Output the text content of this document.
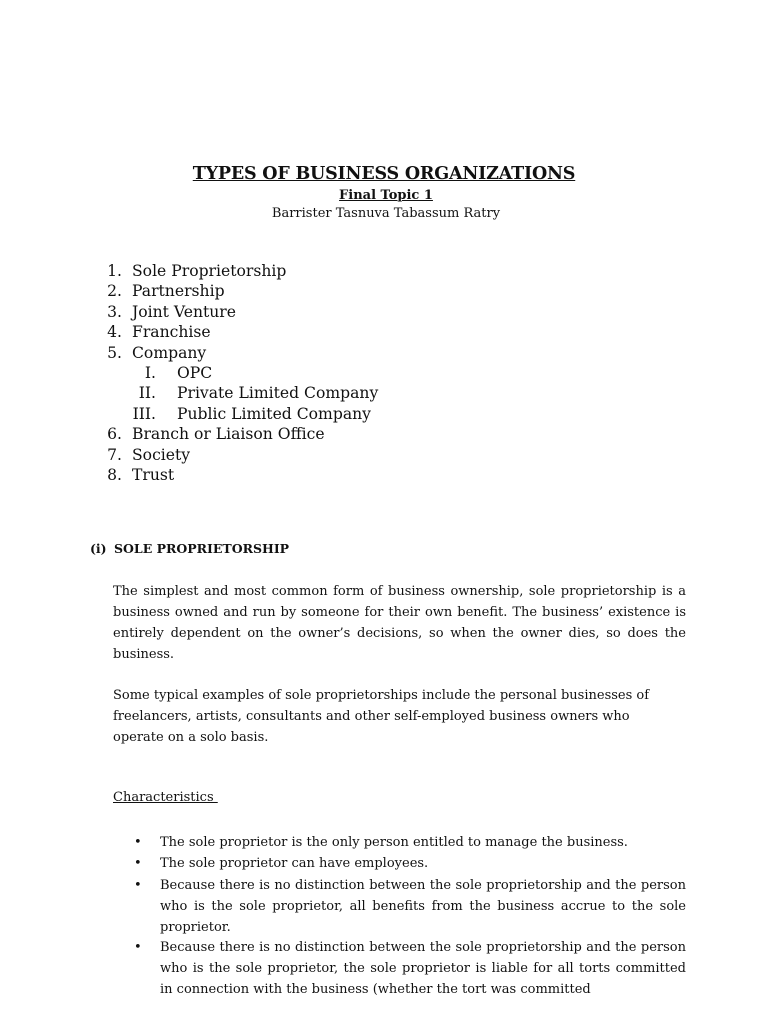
TYPES OF BUSINESS ORGANIZATIONS
Final Topic 1
Barrister Tasnuva Tabassum Ratry
1. Sole Proprietorship
2. Partnership
3. Joint Venture
4. Franchise
5. Company
I. OPC
II. Private Limited Company
III. Public Limited Company
6. Branch or Liaison Office
7. Society
8. Trust
(i) SOLE PROPRIETORSHIP

The simplest and most common form of business ownership, sole proprietorship is a business owned and run by someone for their own benefit. The business’ existence is entirely dependent on the owner’s decisions, so when the owner dies, so does the business.

Some typical examples of sole proprietorships include the personal businesses of freelancers, artists, consultants and other self-employed business owners who operate on a solo basis.

Characteristics
•	The sole proprietor is the only person entitled to manage the business.

•	The sole proprietor can have employees.

•	Because there is no distinction between the sole proprietorship and the person who is the sole proprietor, all benefits from the business accrue to the sole proprietor.

•	Because there is no distinction between the sole proprietorship and the person who is the sole proprietor, the sole proprietor is liable for all torts committed in connection with the business (whether the tort was committed
